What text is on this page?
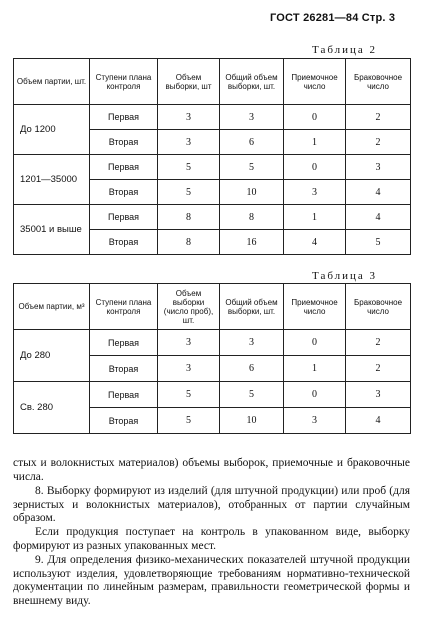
ГОСТ 26281—84 Стр. 3
Таблица 2
Объем партии, шт.	Ступени плана контроля	Объем выборки, шт	Общий объем выборки, шт.	Приемочное число	Браковочное число
До 1200	Первая	3	3	0	2
	Вторая	3	6	1	2
1201—35000	Первая	5	5	0	3
	Вторая	5	10	3	4
35001 и выше	Первая	8	8	1	4
	Вторая	8	16	4	5
Таблица 3
Объем партии, м³	Ступени плана контроля	Объем выборки (число проб), шт.	Общий объем выборки, шт.	Приемочное число	Браковочное число
До 280	Первая	3	3	0	2
	Вторая	3	6	1	2
Св. 280	Первая	5	5	0	3
	Вторая	5	10	3	4
стых и волокнистых материалов) объемы выборок, приемочные и браковочные числа.
8. Выборку формируют из изделий (для штучной продукции) или проб (для зернистых и волокнистых материалов), отобранных от партии случайным образом.
Если продукция поступает на контроль в упакованном виде, выборку формируют из разных упакованных мест.
9. Для определения физико-механических показателей штучной продукции используют изделия, удовлетворяющие требованиям нормативно-технической документации по линейным размерам, правильности геометрической формы и внешнему виду.
